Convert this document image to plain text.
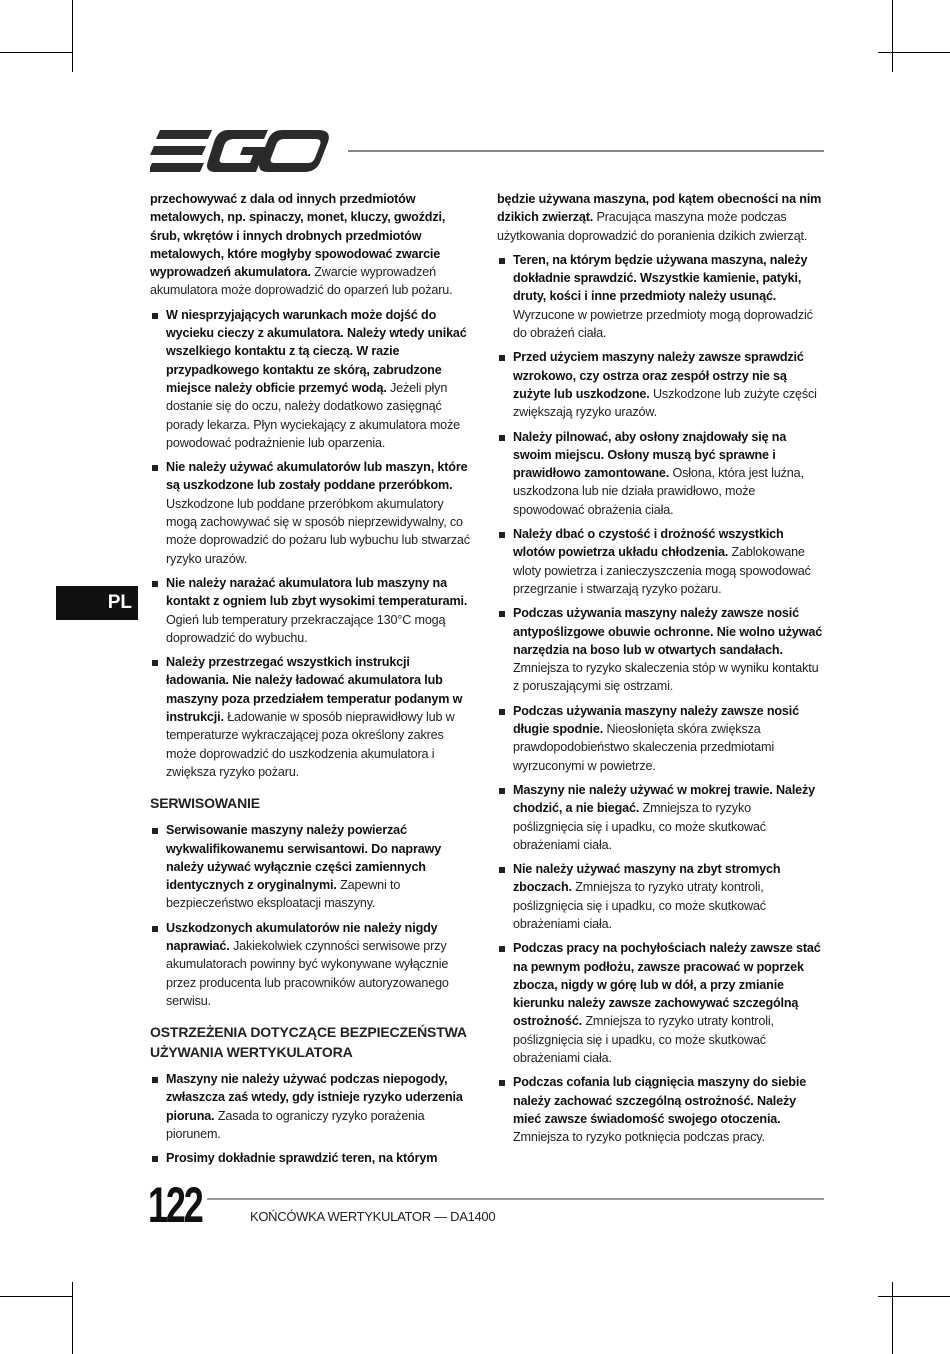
PL

przechowywać z dala od innych przedmiotów metalowych, np. spinaczy, monet, kluczy, gwoździ, śrub, wkrętów i innych drobnych przedmiotów metalowych, które mogłyby spowodować zwarcie wyprowadzeń akumulatora. Zwarcie wyprowadzeń akumulatora może doprowadzić do oparzeń lub pożaru.

W niesprzyjających warunkach może dojść do wycieku cieczy z akumulatora. Należy wtedy unikać wszelkiego kontaktu z tą cieczą. W razie przypadkowego kontaktu ze skórą, zabrudzone miejsce należy obficie przemyć wodą. Jeżeli płyn dostanie się do oczu, należy dodatkowo zasięgnąć porady lekarza. Płyn wyciekający z akumulatora może powodować podrażnienie lub oparzenia.
Nie należy używać akumulatorów lub maszyn, które są uszkodzone lub zostały poddane przeróbkom. Uszkodzone lub poddane przeróbkom akumulatory mogą zachowywać się w sposób nieprzewidywalny, co może doprowadzić do pożaru lub wybuchu lub stwarzać ryzyko urazów.
Nie należy narażać akumulatora lub maszyny na kontakt z ogniem lub zbyt wysokimi temperaturami. Ogień lub temperatury przekraczające 130°C mogą doprowadzić do wybuchu.
Należy przestrzegać wszystkich instrukcji ładowania. Nie należy ładować akumulatora lub maszyny poza przedziałem temperatur podanym w instrukcji. Ładowanie w sposób nieprawidłowy lub w temperaturze wykraczającej poza określony zakres może doprowadzić do uszkodzenia akumulatora i zwiększa ryzyko pożaru.
SERWISOWANIE
Serwisowanie maszyny należy powierzać wykwalifikowanemu serwisantowi. Do naprawy należy używać wyłącznie części zamiennych identycznych z oryginalnymi. Zapewni to bezpieczeństwo eksploatacji maszyny.
Uszkodzonych akumulatorów nie należy nigdy naprawiać. Jakiekolwiek czynności serwisowe przy akumulatorach powinny być wykonywane wyłącznie przez producenta lub pracowników autoryzowanego serwisu.
OSTRZEŻENIA DOTYCZĄCE BEZPIECZEŃSTWA UŻYWANIA WERTYKULATORA
Maszyny nie należy używać podczas niepogody, zwłaszcza zaś wtedy, gdy istnieje ryzyko uderzenia pioruna. Zasada to ograniczy ryzyko porażenia piorunem.
Prosimy dokładnie sprawdzić teren, na którym

będzie używana maszyna, pod kątem obecności na nim dzikich zwierząt. Pracująca maszyna może podczas użytkowania doprowadzić do poranienia dzikich zwierząt.

Teren, na którym będzie używana maszyna, należy dokładnie sprawdzić. Wszystkie kamienie, patyki, druty, kości i inne przedmioty należy usunąć. Wyrzucone w powietrze przedmioty mogą doprowadzić do obrażeń ciała.
Przed użyciem maszyny należy zawsze sprawdzić wzrokowo, czy ostrza oraz zespół ostrzy nie są zużyte lub uszkodzone. Uszkodzone lub zużyte części zwiększają ryzyko urazów.
Należy pilnować, aby osłony znajdowały się na swoim miejscu. Osłony muszą być sprawne i prawidłowo zamontowane. Osłona, która jest luźna, uszkodzona lub nie działa prawidłowo, może spowodować obrażenia ciała.
Należy dbać o czystość i drożność wszystkich wlotów powietrza układu chłodzenia. Zablokowane wloty powietrza i zanieczyszczenia mogą spowodować przegrzanie i stwarzają ryzyko pożaru.
Podczas używania maszyny należy zawsze nosić antypoślizgowe obuwie ochronne. Nie wolno używać narzędzia na boso lub w otwartych sandałach. Zmniejsza to ryzyko skaleczenia stóp w wyniku kontaktu z poruszającymi się ostrzami.
Podczas używania maszyny należy zawsze nosić długie spodnie. Nieosłonięta skóra zwiększa prawdopodobieństwo skaleczenia przedmiotami wyrzuconymi w powietrze.
Maszyny nie należy używać w mokrej trawie. Należy chodzić, a nie biegać. Zmniejsza to ryzyko poślizgnięcia się i upadku, co może skutkować obrażeniami ciała.
Nie należy używać maszyny na zbyt stromych zboczach. Zmniejsza to ryzyko utraty kontroli, poślizgnięcia się i upadku, co może skutkować obrażeniami ciała.
Podczas pracy na pochyłościach należy zawsze stać na pewnym podłożu, zawsze pracować w poprzek zbocza, nigdy w górę lub w dół, a przy zmianie kierunku należy zawsze zachowywać szczególną ostrożność. Zmniejsza to ryzyko utraty kontroli, poślizgnięcia się i upadku, co może skutkować obrażeniami ciała.
Podczas cofania lub ciągnięcia maszyny do siebie należy zachować szczególną ostrożność. Należy mieć zawsze świadomość swojego otoczenia. Zmniejsza to ryzyko potknięcia podczas pracy.
122	KOŃCÓWKA WERTYKULATOR — DA1400
